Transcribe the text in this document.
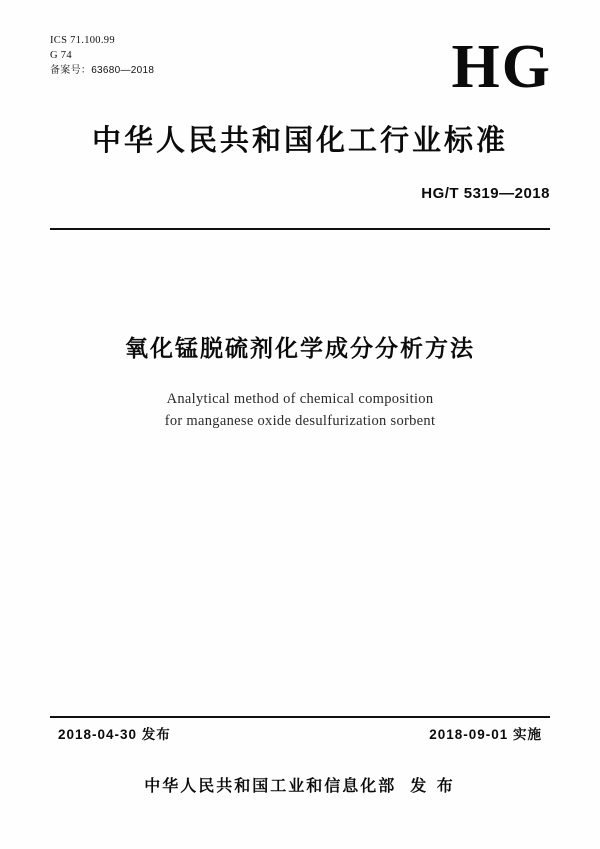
ICS 71.100.99
G 74
备案号：63680—2018	HG
中华人民共和国化工行业标准
HG/T 5319—2018
氧化锰脱硫剂化学成分分析方法
Analytical method of chemical composition
for manganese oxide desulfurization sorbent
2018-04-30 发布	2018-09-01 实施
中华人民共和国工业和信息化部 发 布
